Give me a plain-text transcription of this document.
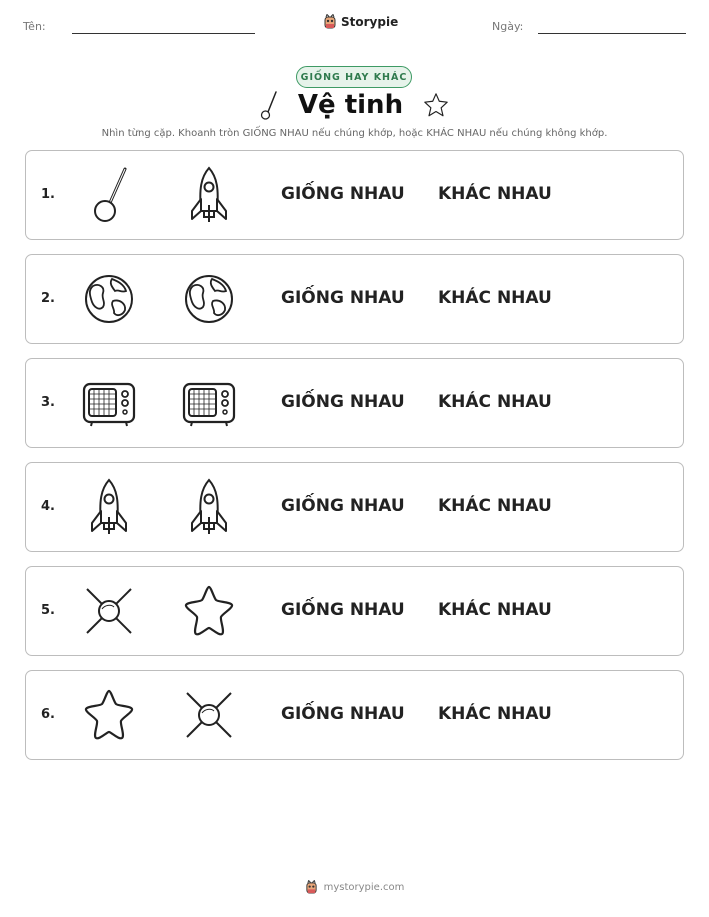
Tên:	Storypie	Ngày:
GIỐNG HAY KHÁC
Vệ tinh
Nhìn từng cặp. Khoanh tròn GIỐNG NHAU nếu chúng khớp, hoặc KHÁC NHAU nếu chúng không khớp.
1.	GIỐNG NHAU KHÁC NHAU
2.	GIỐNG NHAU KHÁC NHAU
3.	GIỐNG NHAU KHÁC NHAU
4.	GIỐNG NHAU KHÁC NHAU
5.	GIỐNG NHAU KHÁC NHAU
6.	GIỐNG NHAU KHÁC NHAU
mystorypie.com
